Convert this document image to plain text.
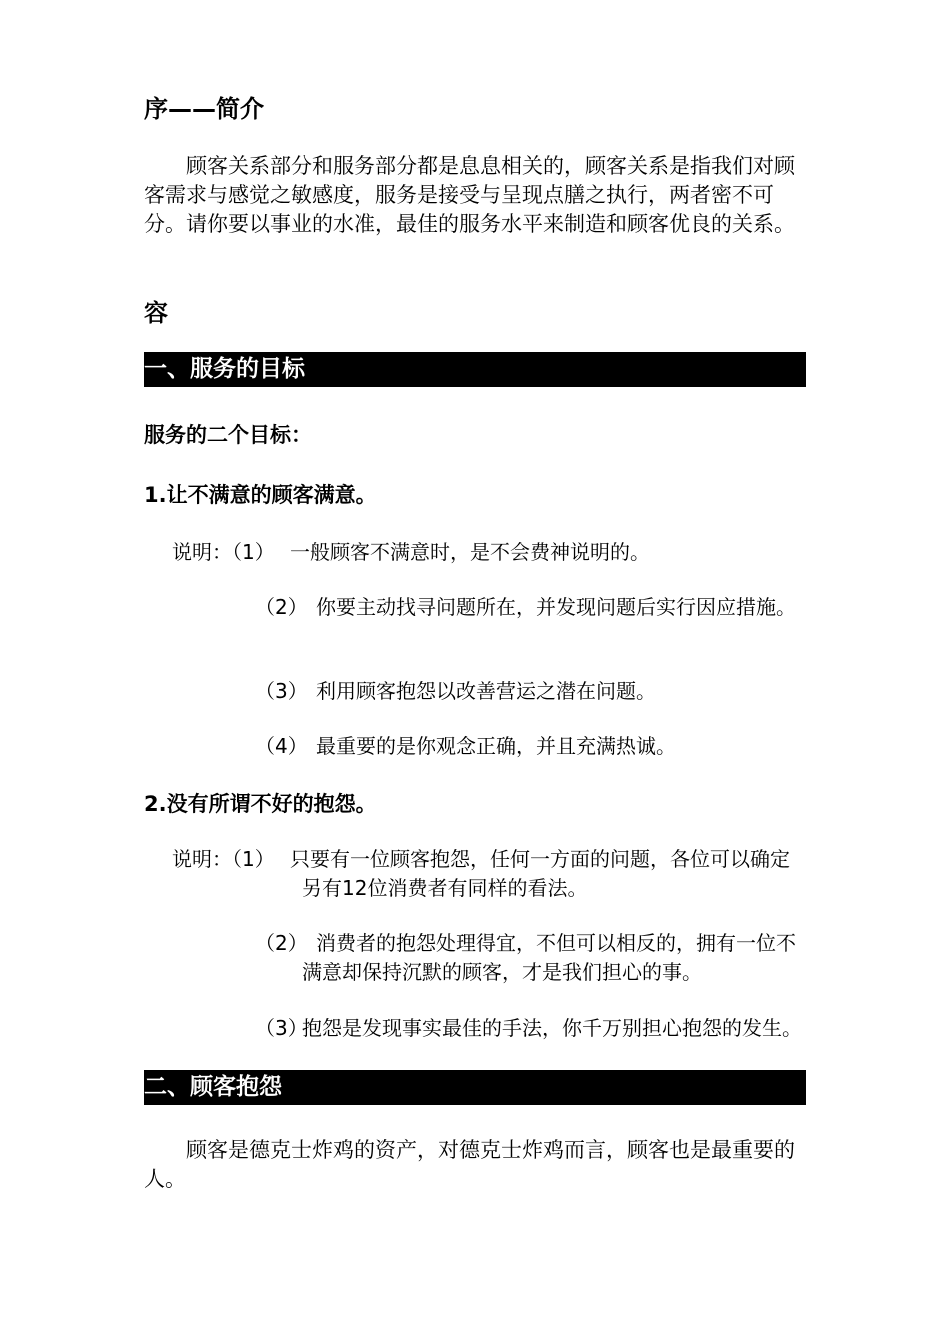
序——简介
顾客关系部分和服务部分都是息息相关的，顾客关系是指我们对顾客需求与感觉之敏感度，服务是接受与呈现点膳之执行，两者密不可分。请你要以事业的水准，最佳的服务水平来制造和顾客优良的关系。
容
一、服务的目标
服务的二个目标：
1.让不满意的顾客满意。
说明：（1） 一般顾客不满意时，是不会费神说明的。
（2） 你要主动找寻问题所在，并发现问题后实行因应措施。
（3） 利用顾客抱怨以改善营运之潜在问题。
（4） 最重要的是你观念正确，并且充满热诚。
2.没有所谓不好的抱怨。
说明：（1） 只要有一位顾客抱怨，任何一方面的问题，各位可以确定另有12位消费者有同样的看法。
（2） 消费者的抱怨处理得宜，不但可以相反的，拥有一位不满意却保持沉默的顾客，才是我们担心的事。
（3）
抱怨是发现事实最佳的手法，你千万别担心抱怨的发生。
二、顾客抱怨
顾客是德克士炸鸡的资产，对德克士炸鸡而言，顾客也是最重要的人。
